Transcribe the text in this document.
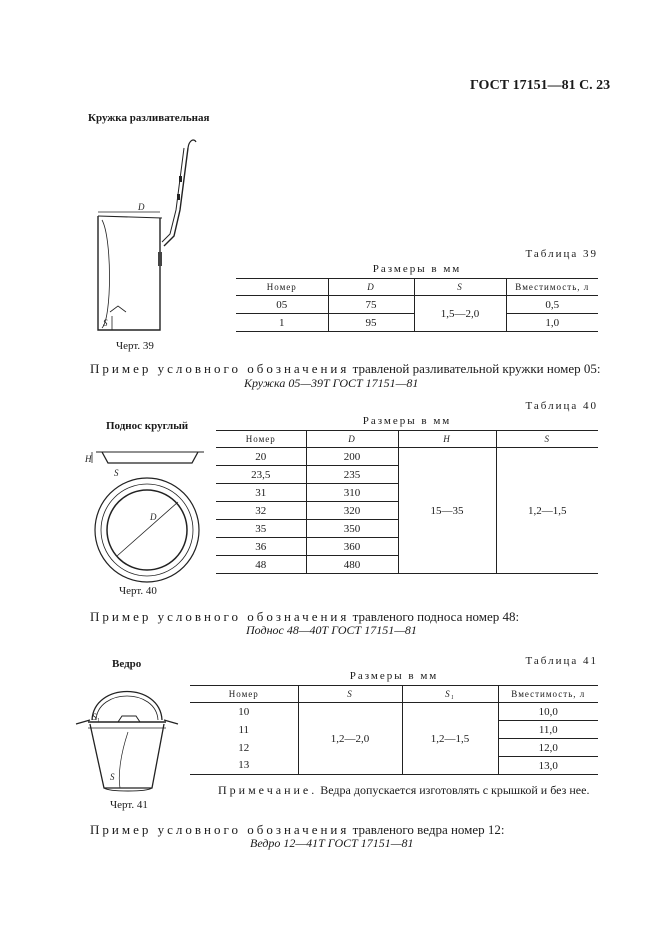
ГОСТ 17151—81 С. 23
Кружка разливательная
D
S
Черт. 39
Таблица 39
Размеры в мм
Номер	D	S	Вместимость, л
05	75	1,5—2,0	0,5
1	95		1,0
Пример условного обозначения травленой разливательной кружки номер 05:
Кружка 05—39Т ГОСТ 17151—81
Поднос круглый
H
S
D
Черт. 40
Таблица 40
Размеры в мм
Номер	D	H	S
20	200	15—35	1,2—1,5
23,5	235		
31	310		
32	320		
35	350		
36	360		
48	480		
Пример условного обозначения травленого подноса номер 48:
Поднос 48—40Т ГОСТ 17151—81
Ведро
S₁
S
Черт. 41
Таблица 41
Размеры в мм
Номер	S	S₁	Вместимость, л
10	1,2—2,0	1,2—1,5	10,0
11			11,0
12			12,0
13			13,0
Примечание. Ведра допускается изготовлять с крышкой и без нее.
Пример условного обозначения травленого ведра номер 12:
Ведро 12—41Т ГОСТ 17151—81
